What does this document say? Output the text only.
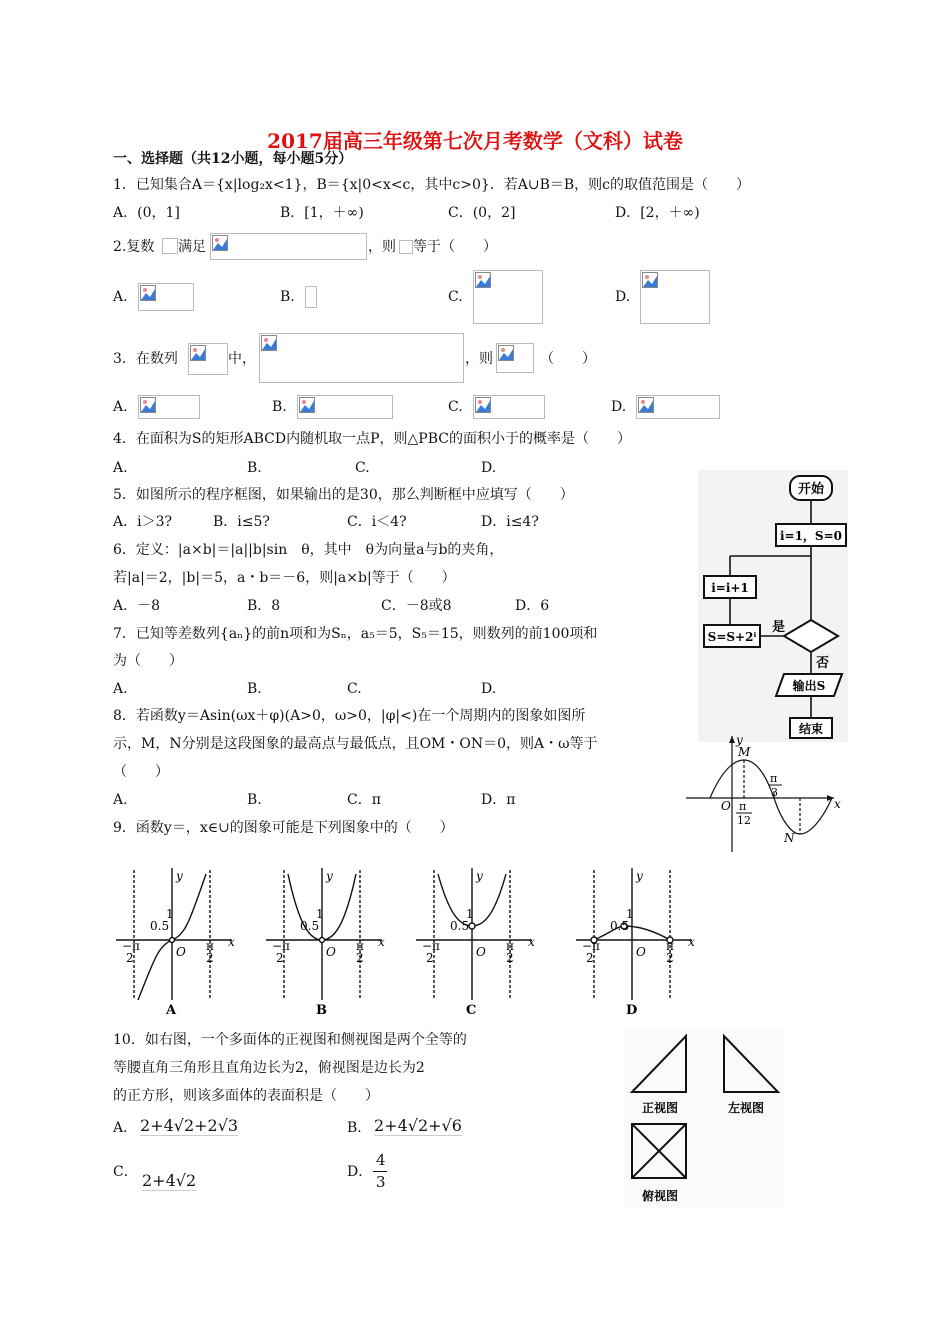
2017届高三年级第七次月考数学（文科）试卷
一、选择题（共12小题，每小题5分）
1．已知集合A＝{x|log₂x<1}，B＝{x|0<x<c，其中c>0}．若A∪B＝B，则c的取值范围是（　　）
A．(0，1]	B．[1，＋∞)	C．(0，2]	D．[2，＋∞)
2.复数 满足	，则 等于（　　）
A.	B.	C.	D.
3．在数列	中，	，则	（　　）
A.	B.	C.	D.
4．在面积为S的矩形ABCD内随机取一点P，则△PBC的面积小于的概率是（　　）
A.	B.	C.	D.
5．如图所示的程序框图，如果输出的是30，那么判断框中应填写（　　）
A．i＞3?	B．i≤5?	C．i＜4?	D．i≤4?
6．定义：|a×b|＝|a||b|sin　θ，其中　θ为向量a与b的夹角，
若|a|＝2，|b|＝5，a・b＝－6，则|a×b|等于（　　）
A．－8	B．8	C．－8或8	D．6
7．已知等差数列{aₙ}的前n项和为Sₙ，a₅＝5，S₅＝15，则数列的前100项和
为（　　）
A.	B.	C.	D.
8．若函数y＝Asin(ωx＋φ)(A>0，ω>0，|φ|<)在一个周期内的图象如图所
示，M，N分别是这段图象的最高点与最低点，且OM・ON＝0，则A・ω等于
（　　）
A.	B.	C．π	D．π
9．函数y＝，x∈∪的图象可能是下列图象中的（　　）
开始
i=1，S=0
i=i+1
S=S+2ⁱ
是
否
输出S
结束
y
x
O
M
N
π
3
π
12
y
x
O
0.5
1
−π
2
π
2
A
y
x
O
0.5
1
−π
2
π
2
B
y
x
O
0.5
1
−π
2
π
2
C
y
x
O
0.5
1
−π
2
π
2
D
10．如右图，一个多面体的正视图和侧视图是两个全等的
等腰直角三角形且直角边长为2，俯视图是边长为2
的正方形，则该多面体的表面积是（　　）
A． 2+4√2+2√3	B． 2+4√2+√6
C． 2+4√2	D．
4
3
正视图	左视图
俯视图
